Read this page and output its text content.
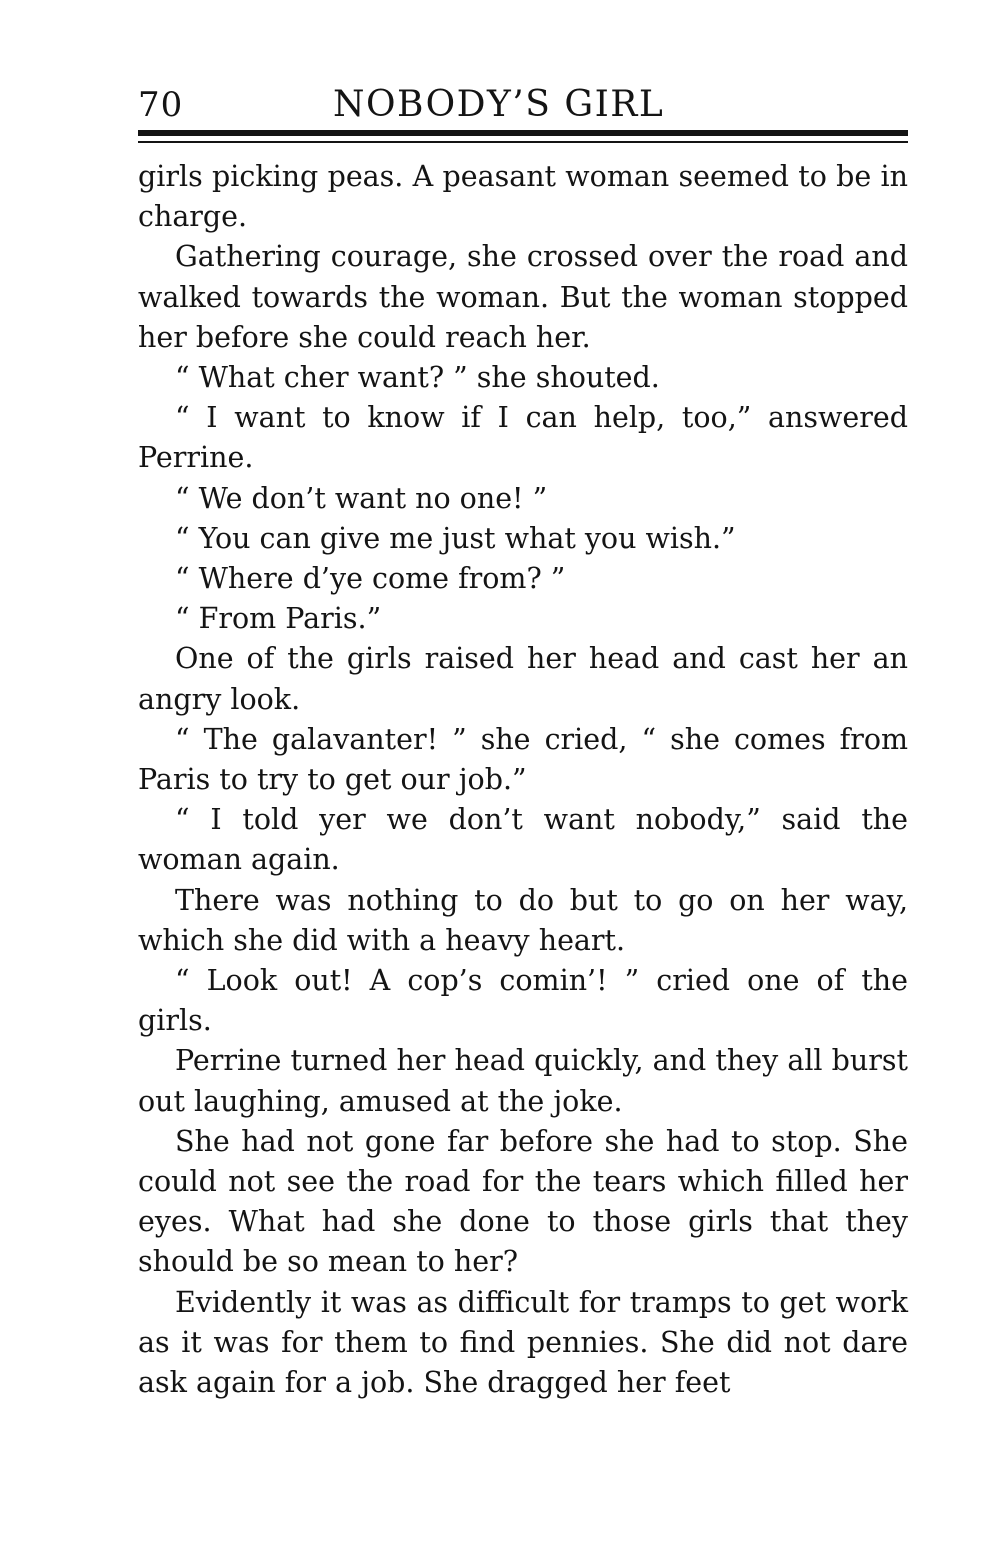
70	NOBODY’S GIRL

girls picking peas. A peasant woman seemed to be in charge.

Gathering courage, she crossed over the road and walked towards the woman. But the woman stopped her before she could reach her.

“ What cher want? ” she shouted.

“ I want to know if I can help, too,” answered Perrine.

“ We don’t want no one! ”

“ You can give me just what you wish.”

“ Where d’ye come from? ”

“ From Paris.”

One of the girls raised her head and cast her an angry look.

“ The galavanter! ” she cried, “ she comes from Paris to try to get our job.”

“ I told yer we don’t want nobody,” said the woman again.

There was nothing to do but to go on her way, which she did with a heavy heart.

“ Look out! A cop’s comin’! ” cried one of the girls.

Perrine turned her head quickly, and they all burst out laughing, amused at the joke.

She had not gone far before she had to stop. She could not see the road for the tears which filled her eyes. What had she done to those girls that they should be so mean to her?

Evidently it was as difficult for tramps to get work as it was for them to find pennies. She did not dare ask again for a job. She dragged her feet
